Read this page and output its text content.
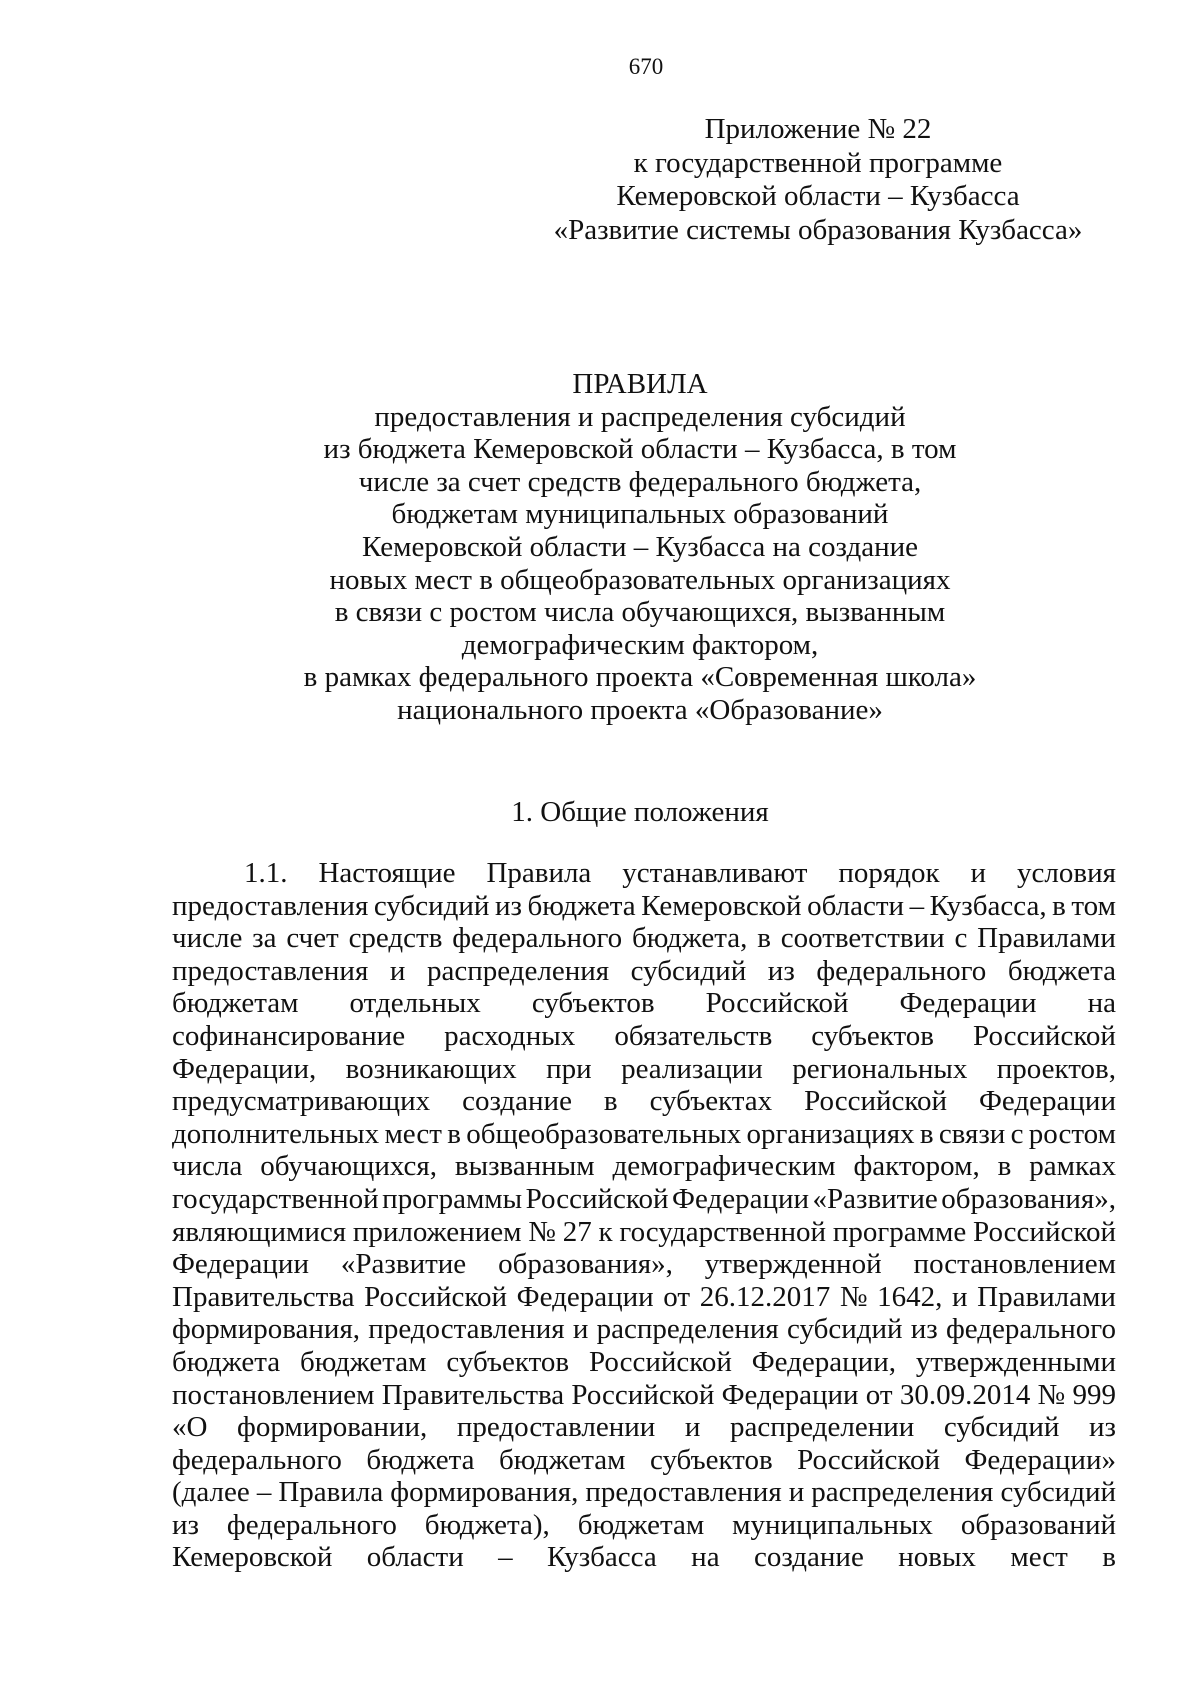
670
Приложение № 22
к государственной программе
Кемеровской области – Кузбасса
«Развитие системы образования Кузбасса»
ПРАВИЛА
предоставления и распределения субсидий
из бюджета Кемеровской области – Кузбасса, в том
числе за счет средств федерального бюджета,
бюджетам муниципальных образований
Кемеровской области – Кузбасса на создание
новых мест в общеобразовательных организациях
в связи с ростом числа обучающихся, вызванным
демографическим фактором,
в рамках федерального проекта «Современная школа»
национального проекта «Образование»
1. Общие положения
1.1. Настоящие Правила устанавливают порядок и условия
предоставления субсидий из бюджета Кемеровской области – Кузбасса, в том
числе за счет средств федерального бюджета, в соответствии с Правилами
предоставления и распределения субсидий из федерального бюджета
бюджетам отдельных субъектов Российской Федерации на
софинансирование расходных обязательств субъектов Российской
Федерации, возникающих при реализации региональных проектов,
предусматривающих создание в субъектах Российской Федерации
дополнительных мест в общеобразовательных организациях в связи с ростом
числа обучающихся, вызванным демографическим фактором, в рамках
государственной программы Российской Федерации «Развитие образования»,
являющимися приложением № 27 к государственной программе Российской
Федерации «Развитие образования», утвержденной постановлением
Правительства Российской Федерации от 26.12.2017 № 1642, и Правилами
формирования, предоставления и распределения субсидий из федерального
бюджета бюджетам субъектов Российской Федерации, утвержденными
постановлением Правительства Российской Федерации от 30.09.2014 № 999
«О формировании, предоставлении и распределении субсидий из
федерального бюджета бюджетам субъектов Российской Федерации»
(далее – Правила формирования, предоставления и распределения субсидий
из федерального бюджета), бюджетам муниципальных образований
Кемеровской области – Кузбасса на создание новых мест в
